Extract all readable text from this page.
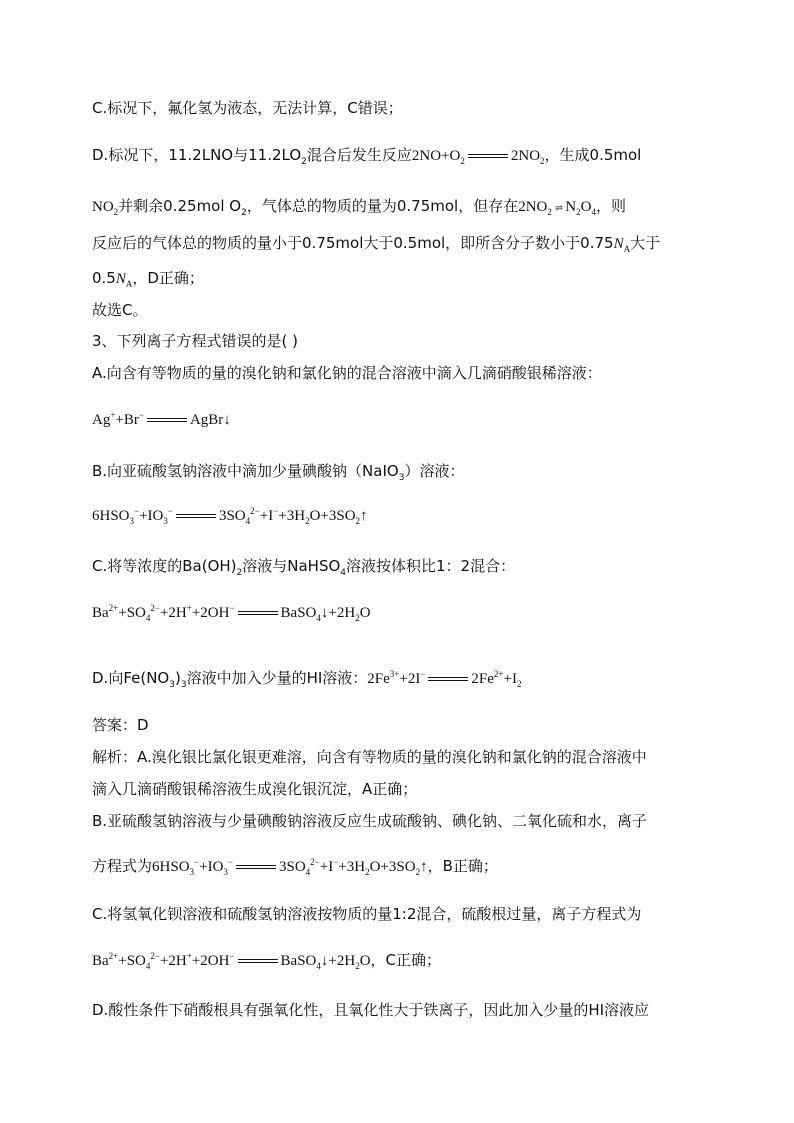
C.标况下，氟化氢为液态，无法计算，C错误；
D.标况下，11.2LNO与$11.2LO_2$混合后发生反应$2NO+O_2$	$2NO_2$，生成0.5mol
$NO_2$并剩余0.25mol $O_2$，气体总的物质的量为0.75mol，但存在$2NO_2$ ⇌ $N_2O_4$，则
反应后的气体总的物质的量小于0.75mol大于0.5mol，即所含分子数小于$0.75N_A$大于
$0.5N_A$，D正确；
故选C。
3、下列离子方程式错误的是( )
A.向含有等物质的量的溴化钠和氯化钠的混合溶液中滴入几滴硝酸银稀溶液：
Ag++Br−	AgBr↓
B.向亚硫酸氢钠溶液中滴加少量碘酸钠（NaIO$_3$）溶液：
$6HSO_3^-+IO_3^-$	$3SO_4^{2-}+I^-+3H_2O+3SO_2↑$
C.将等浓度的$Ba(OH)_2$溶液与NaHSO$_4$溶液按体积比1：2混合：
$Ba^{2+}+SO_4^{2-}+2H^++2OH^-$	$BaSO_4↓+2H_2O$
D.向$Fe(NO_3)_3$溶液中加入少量的HI溶液：$2Fe^{3+}+2I^-$	$2Fe^{2+}+I_2$
答案：D
解析：A.溴化银比氯化银更难溶，向含有等物质的量的溴化钠和氯化钠的混合溶液中
滴入几滴硝酸银稀溶液生成溴化银沉淀，A正确；
B.亚硫酸氢钠溶液与少量碘酸钠溶液反应生成硫酸钠、碘化钠、二氧化硫和水，离子
方程式为$6HSO_3^-+IO_3^-$	$3SO_4^{2-}+I^-+3H_2O+3SO_2↑$，B正确；
C.将氢氧化钡溶液和硫酸氢钠溶液按物质的量1:2混合，硫酸根过量，离子方程式为
$Ba^{2+}+SO_4^{2-}+2H^++2OH^-$	$BaSO_4↓+2H_2O$，C正确；
D.酸性条件下硝酸根具有强氧化性，且氧化性大于铁离子，因此加入少量的HI溶液应
